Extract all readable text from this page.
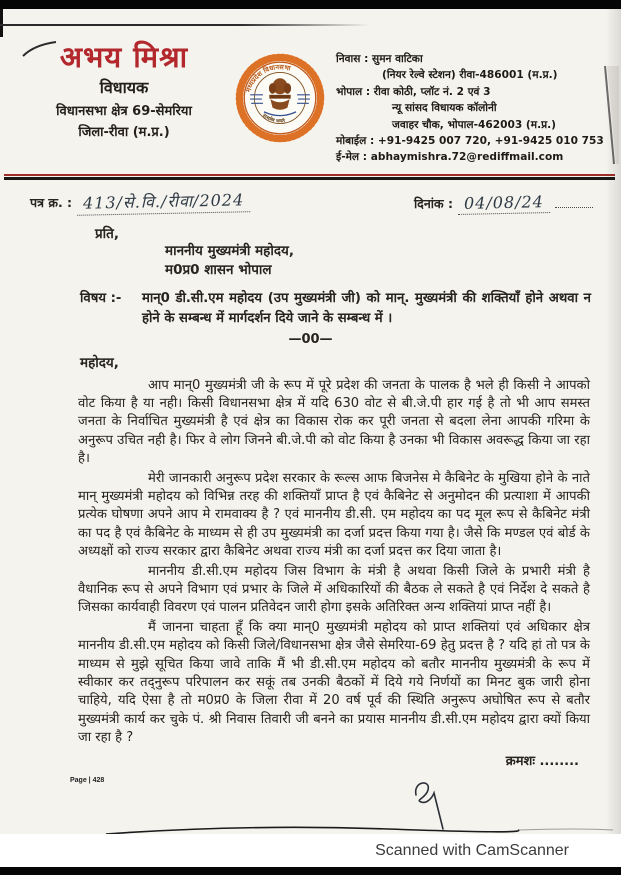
अभय मिश्रा
विधायक
विधानसभा क्षेत्र 69-सेमरिया
जिला-रीवा (म.प्र.)
मध्यप्रदेश विधानसभा
सत्यमेव जयते
निवास : सुमन वाटिका
(नियर रेल्वे स्टेशन) रीवा-486001 (म.प्र.)
भोपाल : रीवा कोठी, प्लॉट नं. 2 एवं 3
न्यू सांसद विधायक कॉलोनी
जवाहर चौक, भोपाल-462003 (म.प्र.)
मोबाईल : +91-9425 007 720, +91-9425 010 753
ई-मेल : abhaymishra.72@rediffmail.com
पत्र क्र. : 413/से.वि./रीवा/2024	दिनांक : 04/08/24
प्रति,
माननीय मुख्यमंत्री महोदय,
म0प्र0 शासन भोपाल
विषय :-	मान्0 डी.सी.एम महोदय (उप मुख्यमंत्री जी) को मान्. मुख्यमंत्री की शक्तियाँ होने अथवा न होने के सम्बन्ध में मार्गदर्शन दिये जाने के सम्बन्ध में ।
—00—
महोदय,

आप मान्0 मुख्यमंत्री जी के रूप में पूरे प्रदेश की जनता के पालक है भले ही किसी ने आपको वोट किया है या नही। किसी विधानसभा क्षेत्र में यदि 630 वोट से बी.जे.पी हार गई है तो भी आप समस्त जनता के निर्वाचित मुख्यमंत्री है एवं क्षेत्र का विकास रोक कर पूरी जनता से बदला लेना आपकी गरिमा के अनुरूप उचित नही है। फिर वे लोग जिनने बी.जे.पी को वोट किया है उनका भी विकास अवरूद्ध किया जा रहा है।

मेरी जानकारी अनुरूप प्रदेश सरकार के रूल्स आफ बिजनेस मे कैबिनेट के मुखिया होने के नाते मान् मुख्यमंत्री महोदय को विभिन्न तरह की शक्तियाँ प्राप्त है एवं कैबिनेट से अनुमोदन की प्रत्याशा में आपकी प्रत्येक घोषणा अपने आप मे रामवाक्य है ? एवं माननीय डी.सी. एम महोदय का पद मूल रूप से कैबिनेट मंत्री का पद है एवं कैबिनेट के माध्यम से ही उप मुख्यमंत्री का दर्जा प्रदत्त किया गया है। जैसे कि मण्डल एवं बोर्ड के अध्यक्षों को राज्य सरकार द्वारा कैबिनेट अथवा राज्य मंत्री का दर्जा प्रदत्त कर दिया जाता है।

माननीय डी.सी.एम महोदय जिस विभाग के मंत्री है अथवा किसी जिले के प्रभारी मंत्री है वैधानिक रूप से अपने विभाग एवं प्रभार के जिले में अधिकारियों की बैठक ले सकते है एवं निर्देश दे सकते है जिसका कार्यवाही विवरण एवं पालन प्रतिवेदन जारी होगा इसके अतिरिक्त अन्य शक्तियां प्राप्त नहीं है।

मैं जानना चाहता हूँ कि क्या मान्0 मुख्यमंत्री महोदय को प्राप्त शक्तियां एवं अधिकार क्षेत्र माननीय डी.सी.एम महोदय को किसी जिले/विधानसभा क्षेत्र जैसे सेमरिया-69 हेतु प्रदत्त है ? यदि हां तो पत्र के माध्यम से मुझे सूचित किया जावे ताकि मैं भी डी.सी.एम महोदय को बतौर माननीय मुख्यमंत्री के रूप में स्वीकार कर तद्नुरूप परिपालन कर सकूं तब उनकी बैठकों में दिये गये निर्णयों का मिनट बुक जारी होना चाहिये, यदि ऐसा है तो म0प्र0 के जिला रीवा में 20 वर्ष पूर्व की स्थिति अनुरूप अघोषित रूप से बतौर मुख्यमंत्री कार्य कर चुके पं. श्री निवास तिवारी जी बनने का प्रयास माननीय डी.सी.एम महोदय द्वारा क्यों किया जा रहा है ?

क्रमशः ........
Page | 428
Scanned with CamScanner
